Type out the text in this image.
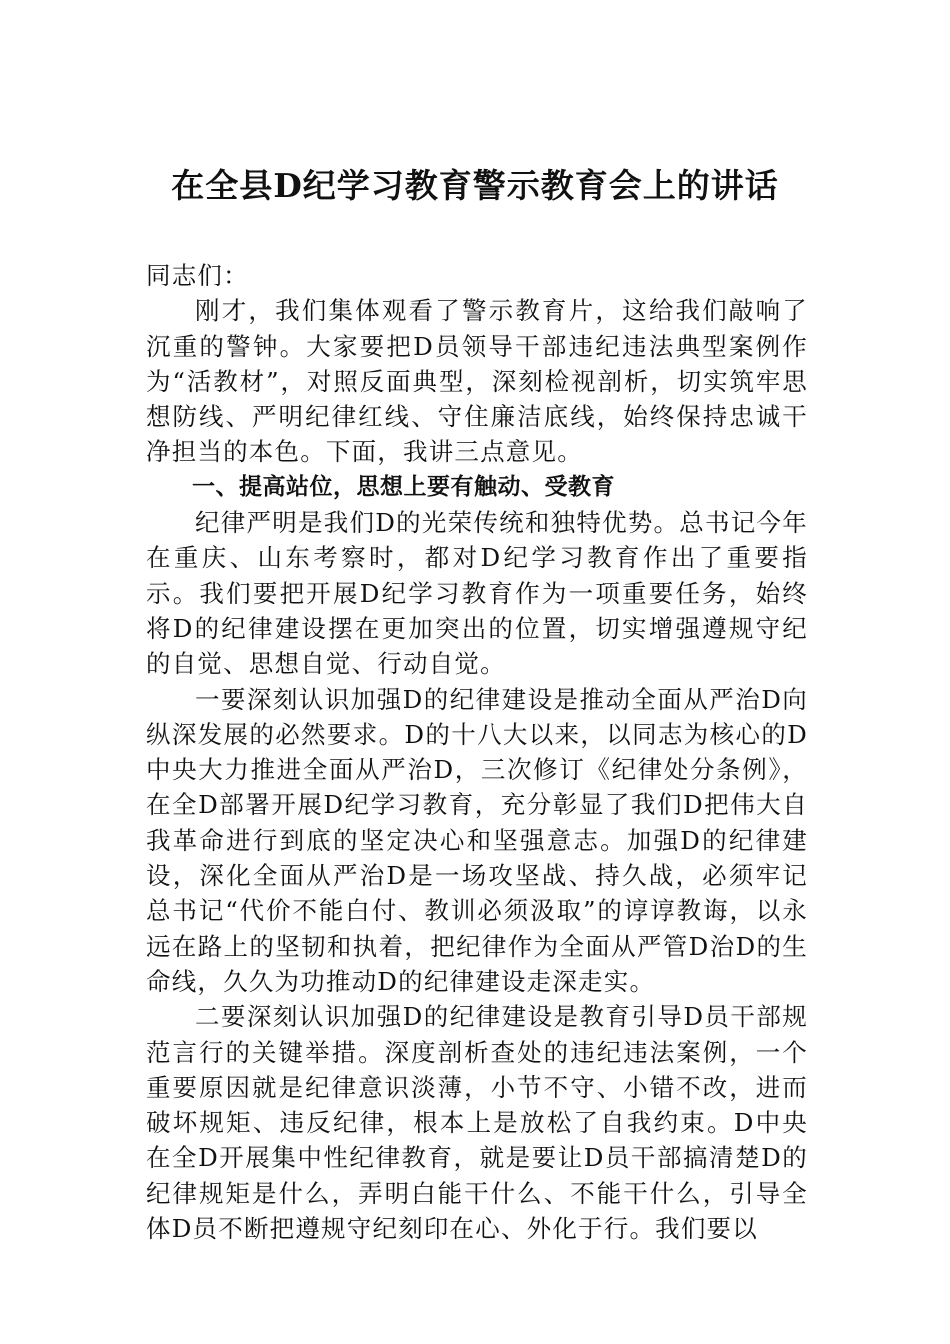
在全县D纪学习教育警示教育会上的讲话

同志们：

刚才，我们集体观看了警示教育片，这给我们敲响了沉重的警钟。大家要把D员领导干部违纪违法典型案例作为“活教材”，对照反面典型，深刻检视剖析，切实筑牢思想防线、严明纪律红线、守住廉洁底线，始终保持忠诚干净担当的本色。下面，我讲三点意见。

一、提高站位，思想上要有触动、受教育

纪律严明是我们D的光荣传统和独特优势。总书记今年在重庆、山东考察时，都对D纪学习教育作出了重要指示。我们要把开展D纪学习教育作为一项重要任务，始终将D的纪律建设摆在更加突出的位置，切实增强遵规守纪的自觉、思想自觉、行动自觉。

一要深刻认识加强D的纪律建设是推动全面从严治D向纵深发展的必然要求。D的十八大以来，以同志为核心的D中央大力推进全面从严治D，三次修订《纪律处分条例》，在全D部署开展D纪学习教育，充分彰显了我们D把伟大自我革命进行到底的坚定决心和坚强意志。加强D的纪律建设，深化全面从严治D是一场攻坚战、持久战，必须牢记总书记“代价不能白付、教训必须汲取”的谆谆教诲，以永远在路上的坚韧和执着，把纪律作为全面从严管D治D的生命线，久久为功推动D的纪律建设走深走实。

二要深刻认识加强D的纪律建设是教育引导D员干部规范言行的关键举措。深度剖析查处的违纪违法案例，一个重要原因就是纪律意识淡薄，小节不守、小错不改，进而破坏规矩、违反纪律，根本上是放松了自我约束。D中央在全D开展集中性纪律教育，就是要让D员干部搞清楚D的纪律规矩是什么，弄明白能干什么、不能干什么，引导全体D员不断把遵规守纪刻印在心、外化于行。我们要以
